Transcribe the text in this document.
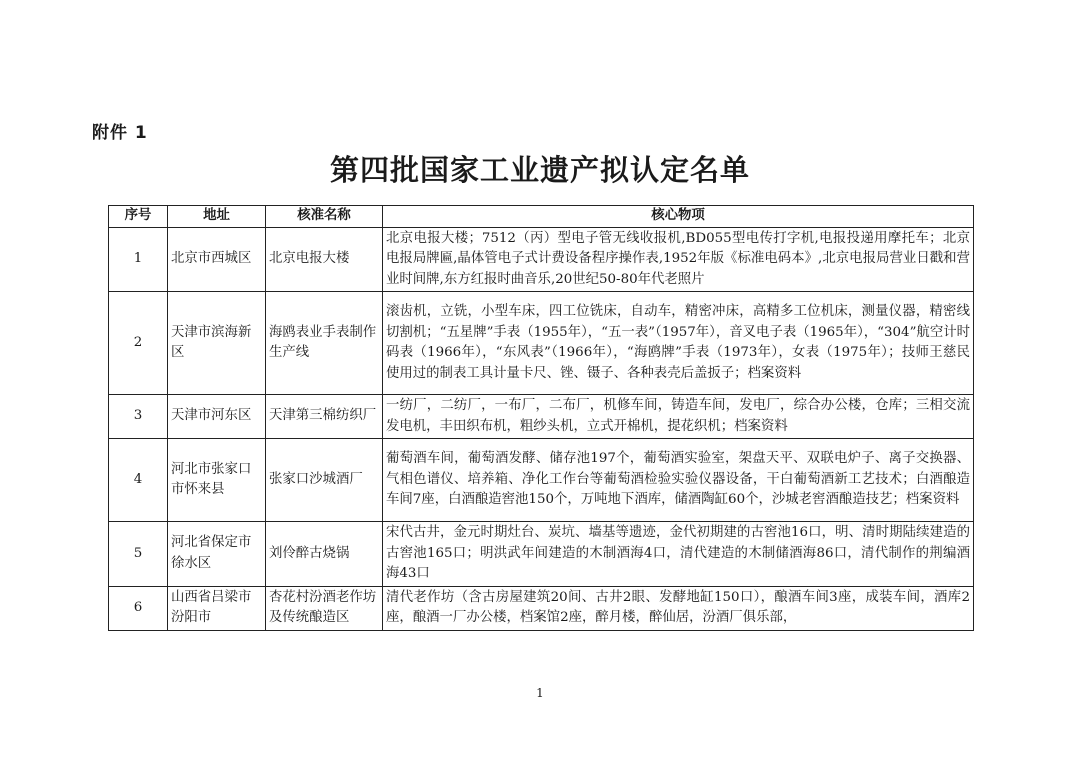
附件 1
第四批国家工业遗产拟认定名单
序号	地址	核准名称	核心物项
1	北京市西城区	北京电报大楼	北京电报大楼；7512（丙）型电子管无线收报机,BD055型电传打字机,电报投递用摩托车；北京电报局牌匾,晶体管电子式计费设备程序操作表,1952年版《标准电码本》,北京电报局营业日戳和营业时间牌,东方红报时曲音乐,20世纪50-80年代老照片
2	天津市滨海新区	海鸥表业手表制作生产线	滚齿机，立铣，小型车床，四工位铣床，自动车，精密冲床，高精多工位机床，测量仪器，精密线切割机；“五星牌”手表（1955年），“五一表”（1957年），音叉电子表（1965年），“304”航空计时码表（1966年），“东风表”（1966年），“海鸥牌”手表（1973年），女表（1975年）；技师王慈民使用过的制表工具计量卡尺、锉、镊子、各种表壳后盖扳子；档案资料
3	天津市河东区	天津第三棉纺织厂	一纺厂，二纺厂，一布厂，二布厂，机修车间，铸造车间，发电厂，综合办公楼，仓库；三相交流发电机，丰田织布机，粗纱头机，立式开棉机，提花织机；档案资料
4	河北市张家口市怀来县	张家口沙城酒厂	葡萄酒车间，葡萄酒发酵、储存池197个，葡萄酒实验室，架盘天平、双联电炉子、离子交换器、气相色谱仪、培养箱、净化工作台等葡萄酒检验实验仪器设备，干白葡萄酒新工艺技术；白酒酿造车间7座，白酒酿造窖池150个，万吨地下酒库，储酒陶缸60个，沙城老窖酒酿造技艺；档案资料
5	河北省保定市徐水区	刘伶醉古烧锅	宋代古井，金元时期灶台、炭坑、墙基等遗迹，金代初期建的古窖池16口，明、清时期陆续建造的古窖池165口；明洪武年间建造的木制酒海4口，清代建造的木制储酒海86口，清代制作的荆编酒海43口
6	山西省吕梁市汾阳市	杏花村汾酒老作坊及传统酿造区	清代老作坊（含古房屋建筑20间、古井2眼、发酵地缸150口），酿酒车间3座，成装车间，酒库2座，酿酒一厂办公楼，档案馆2座，醉月楼，醉仙居，汾酒厂俱乐部，
1
